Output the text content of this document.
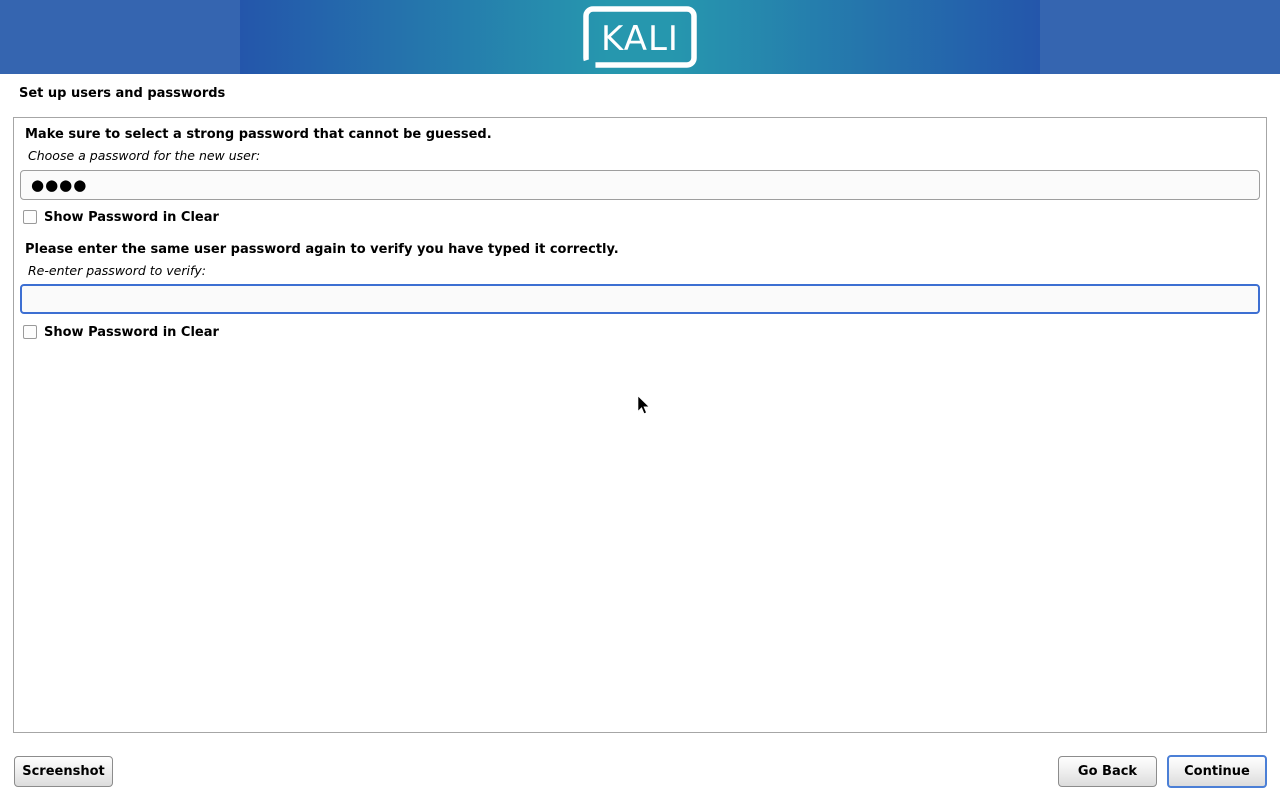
KALI
Set up users and passwords
Make sure to select a strong password that cannot be guessed.
Choose a password for the new user:
●●●●
Show Password in Clear
Please enter the same user password again to verify you have typed it correctly.
Re-enter password to verify:
Show Password in Clear
Screenshot	Go Back	Continue
